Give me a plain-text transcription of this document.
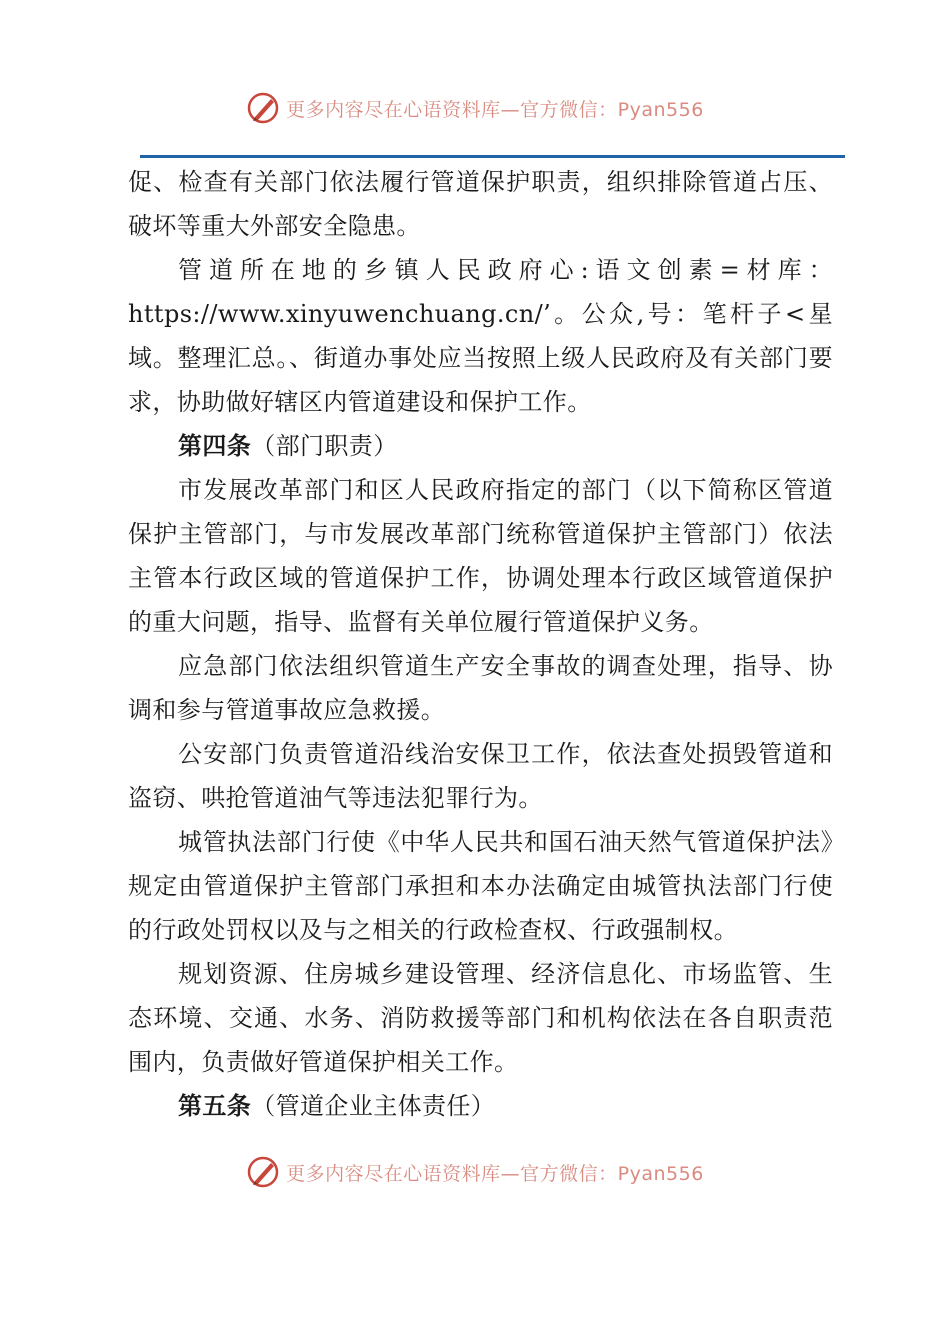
更多内容尽在心语资料库—官方微信：Pyan556

促、检查有关部门依法履行管道保护职责，组织排除管道占压、破坏等重大外部安全隐患。

管道所在地的乡镇人民政府心:语文创素=材库：https://www.xinyuwenchuang.cn/’。公众,号：笔杆子<星域。整理汇总。、街道办事处应当按照上级人民政府及有关部门要求，协助做好辖区内管道建设和保护工作。

第四条（部门职责）

市发展改革部门和区人民政府指定的部门（以下简称区管道保护主管部门，与市发展改革部门统称管道保护主管部门）依法主管本行政区域的管道保护工作，协调处理本行政区域管道保护的重大问题，指导、监督有关单位履行管道保护义务。

应急部门依法组织管道生产安全事故的调查处理，指导、协调和参与管道事故应急救援。

公安部门负责管道沿线治安保卫工作，依法查处损毁管道和盗窃、哄抢管道油气等违法犯罪行为。

城管执法部门行使《中华人民共和国石油天然气管道保护法》规定由管道保护主管部门承担和本办法确定由城管执法部门行使的行政处罚权以及与之相关的行政检查权、行政强制权。

规划资源、住房城乡建设管理、经济信息化、市场监管、生态环境、交通、水务、消防救援等部门和机构依法在各自职责范围内，负责做好管道保护相关工作。

第五条（管道企业主体责任）

更多内容尽在心语资料库—官方微信：Pyan556
